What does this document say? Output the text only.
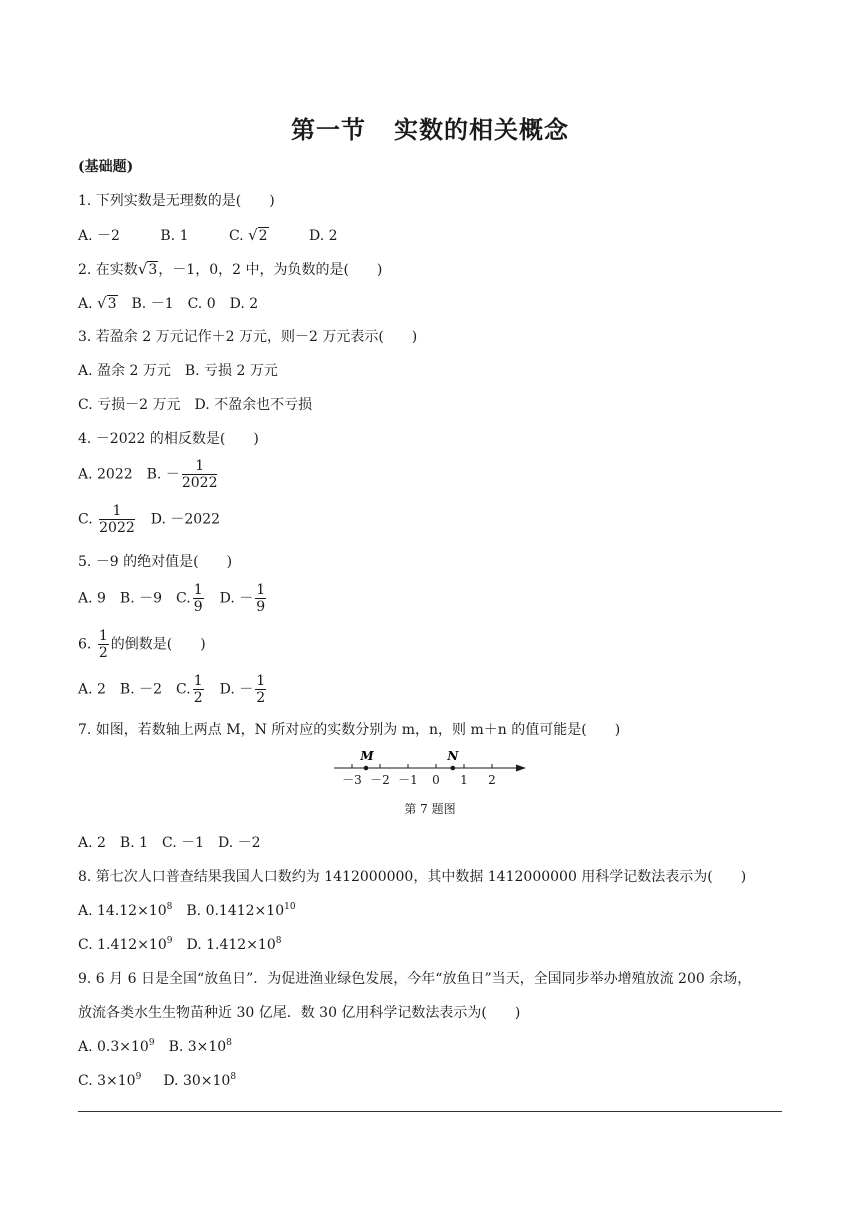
第一节 实数的相关概念
(基础题)
1. 下列实数是无理数的是(　　)
A. －2	B. 1	C. √2	D. 2
2. 在实数√3，－1，0，2 中，为负数的是(　　)
A. √3　 B. －1　C. 0　D. 2
3. 若盈余 2 万元记作＋2 万元，则－2 万元表示(　　)
A. 盈余 2 万元　B. 亏损 2 万元
C. 亏损－2 万元　D. 不盈余也不亏损
4. －2022 的相反数是(　　)
A. 2022　 B. － $\frac{1}{2022}$
C. $\frac{1}{2022}$
　 D. －2022
5. －9 的绝对值是(　　)
A. 9　 B. －9　 C. $\frac{1}{9}$
　 D. － $\frac{1}{9}$
6. $\frac{1}{2}$ 的倒数是(　　)
A. 2　 B. －2　 C. $\frac{1}{2}$
　 D. － $\frac{1}{2}$
7. 如图，若数轴上两点 M，N 所对应的实数分别为 m，n，则 m＋n 的值可能是(　　)
－3 －2 －1 0 1 2
M	N
第 7 题图
A. 2　B. 1　C. －1　D. －2
8. 第七次人口普查结果我国人口数约为 1412000000，其中数据 1412000000 用科学记数法表示为(　　)
A. $14.12\times 10^8$　 B. $0.1412\times 10^{10}$
C. $1.412\times 10^9$　 D. $1.412\times 10^8$
9. 6 月 6 日是全国“放鱼日”．为促进渔业绿色发展，今年“放鱼日”当天，全国同步举办增殖放流 200 余场，
放流各类水生生物苗种近 30 亿尾．数 30 亿用科学记数法表示为(　　)
A. $0.3\times 10^9$　 B. $3\times 10^8$
C. $3\times 10^9$ D. $30\times 10^8$
